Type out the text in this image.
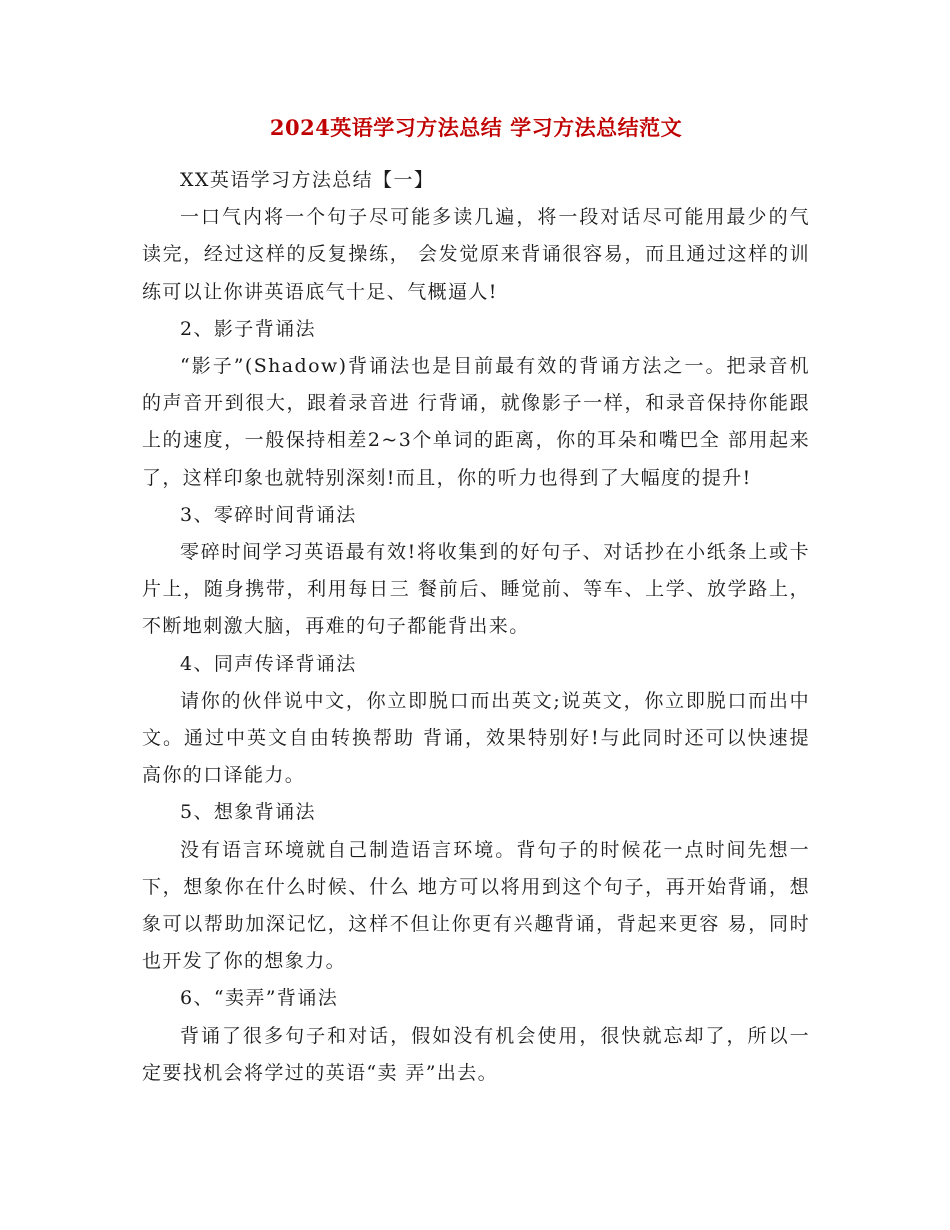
2024英语学习方法总结 学习方法总结范文

XX英语学习方法总结【一】

一口气内将一个句子尽可能多读几遍，将一段对话尽可能用最少的气读完，经过这样的反复操练， 会发觉原来背诵很容易，而且通过这样的训练可以让你讲英语底气十足、气概逼人!

2、影子背诵法

“影子”(Shadow)背诵法也是目前最有效的背诵方法之一。把录音机的声音开到很大，跟着录音进 行背诵，就像影子一样，和录音保持你能跟上的速度，一般保持相差2~3个单词的距离，你的耳朵和嘴巴全 部用起来了，这样印象也就特别深刻!而且，你的听力也得到了大幅度的提升!

3、零碎时间背诵法

零碎时间学习英语最有效!将收集到的好句子、对话抄在小纸条上或卡片上，随身携带，利用每日三 餐前后、睡觉前、等车、上学、放学路上，不断地刺激大脑，再难的句子都能背出来。

4、同声传译背诵法

请你的伙伴说中文，你立即脱口而出英文;说英文，你立即脱口而出中文。通过中英文自由转换帮助 背诵，效果特别好!与此同时还可以快速提高你的口译能力。

5、想象背诵法

没有语言环境就自己制造语言环境。背句子的时候花一点时间先想一下，想象你在什么时候、什么 地方可以将用到这个句子，再开始背诵，想象可以帮助加深记忆，这样不但让你更有兴趣背诵，背起来更容 易，同时也开发了你的想象力。

6、“卖弄”背诵法

背诵了很多句子和对话，假如没有机会使用，很快就忘却了，所以一定要找机会将学过的英语“卖 弄”出去。
